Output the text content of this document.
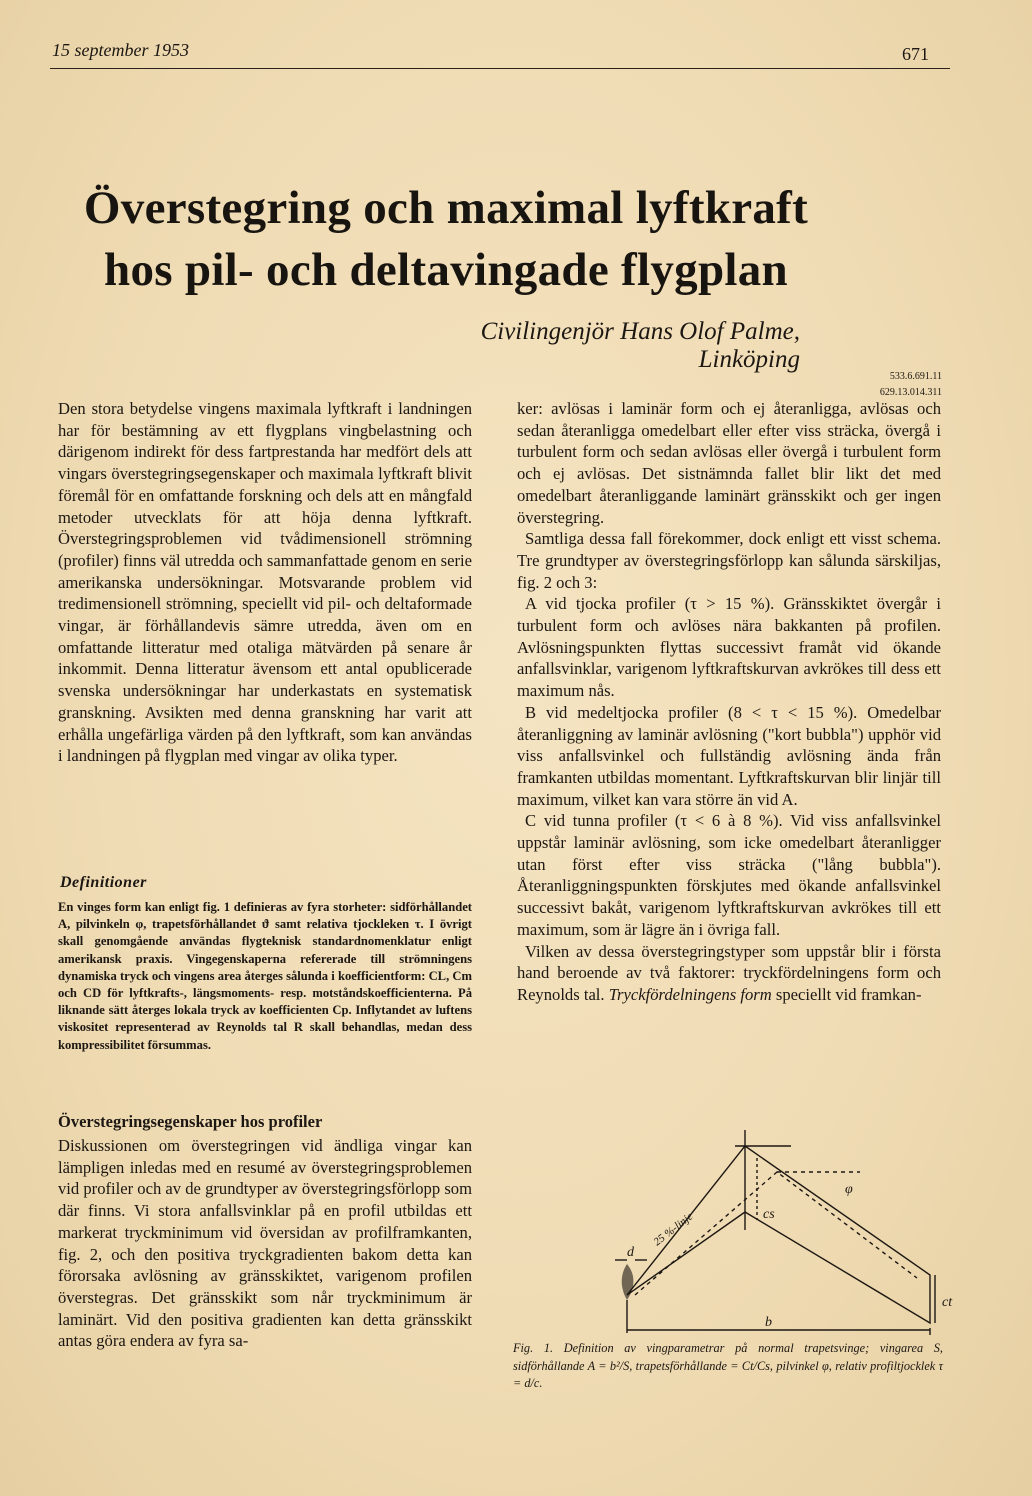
15 september 1953	671
Överstegring och maximal lyftkraft
hos pil- och deltavingade flygplan
Civilingenjör Hans Olof Palme, Linköping
533.6.691.11
629.13.014.311

Den stora betydelse vingens maximala lyftkraft i landningen har för bestämning av ett flygplans vingbelastning och därigenom indirekt för dess fartprestanda har medfört dels att vingars överstegringsegenskaper och maximala lyftkraft blivit föremål för en omfattande forskning och dels att en mångfald metoder utvecklats för att höja denna lyftkraft. Överstegringsproblemen vid tvådimensionell strömning (profiler) finns väl utredda och sammanfattade genom en serie amerikanska undersökningar. Motsvarande problem vid tredimensionell strömning, speciellt vid pil- och deltaformade vingar, är förhållandevis sämre utredda, även om en omfattande litteratur med otaliga mätvärden på senare år inkommit. Denna litteratur ävensom ett antal opublicerade svenska undersökningar har underkastats en systematisk granskning. Avsikten med denna granskning har varit att erhålla ungefärliga värden på den lyftkraft, som kan användas i landningen på flygplan med vingar av olika typer.

Definitioner

En vinges form kan enligt fig. 1 definieras av fyra storheter: sidförhållandet A, pilvinkeln φ, trapetsförhållandet ϑ samt relativa tjockleken τ. I övrigt skall genomgående användas flygteknisk standardnomenklatur enligt amerikansk praxis. Vingegenskaperna refererade till strömningens dynamiska tryck och vingens area återges sålunda i koefficientform: CL, Cm och CD för lyftkrafts-, längsmoments- resp. motståndskoefficienterna. På liknande sätt återges lokala tryck av koefficienten Cp. Inflytandet av luftens viskositet representerad av Reynolds tal R skall behandlas, medan dess kompressibilitet försummas.

Överstegringsegenskaper hos profiler

Diskussionen om överstegringen vid ändliga vingar kan lämpligen inledas med en resumé av överstegringsproblemen vid profiler och av de grundtyper av överstegringsförlopp som där finns. Vi stora anfallsvinklar på en profil utbildas ett markerat tryckminimum vid översidan av profilframkanten, fig. 2, och den positiva tryckgradienten bakom detta kan förorsaka avlösning av gränsskiktet, varigenom profilen överstegras. Det gränsskikt som når tryckminimum är laminärt. Vid den positiva gradienten kan detta gränsskikt antas göra endera av fyra sa-

ker: avlösas i laminär form och ej återanligga, avlösas och sedan återanligga omedelbart eller efter viss sträcka, övergå i turbulent form och sedan avlösas eller övergå i turbulent form och ej avlösas. Det sistnämnda fallet blir likt det med omedelbart återanliggande laminärt gränsskikt och ger ingen överstegring.

Samtliga dessa fall förekommer, dock enligt ett visst schema. Tre grundtyper av överstegringsförlopp kan sålunda särskiljas, fig. 2 och 3:

A vid tjocka profiler (τ > 15 %). Gränsskiktet övergår i turbulent form och avlöses nära bakkanten på profilen. Avlösningspunkten flyttas successivt framåt vid ökande anfallsvinklar, varigenom lyftkraftskurvan avkrökes till dess ett maximum nås.

B vid medeltjocka profiler (8 < τ < 15 %). Omedelbar återanliggning av laminär avlösning ("kort bubbla") upphör vid viss anfallsvinkel och fullständig avlösning ända från framkanten utbildas momentant. Lyftkraftskurvan blir linjär till maximum, vilket kan vara större än vid A.

C vid tunna profiler (τ < 6 à 8 %). Vid viss anfallsvinkel uppstår laminär avlösning, som icke omedelbart återanligger utan först efter viss sträcka ("lång bubbla"). Återanliggningspunkten förskjutes med ökande anfallsvinkel successivt bakåt, varigenom lyftkraftskurvan avkrökes till ett maximum, som är lägre än i övriga fall.

Vilken av dessa överstegringstyper som uppstår blir i första hand beroende av två faktorer: tryckfördelningens form och Reynolds tal. Tryckfördelningens form speciellt vid framkan-

d
25 %-linje	cs
φ
ct
b
Fig. 1. Definition av vingparametrar på normal trapetsvinge; vingarea S, sidförhållande A = b²/S, trapetsförhållande = Ct/Cs, pilvinkel φ, relativ profiltjocklek τ = d/c.
